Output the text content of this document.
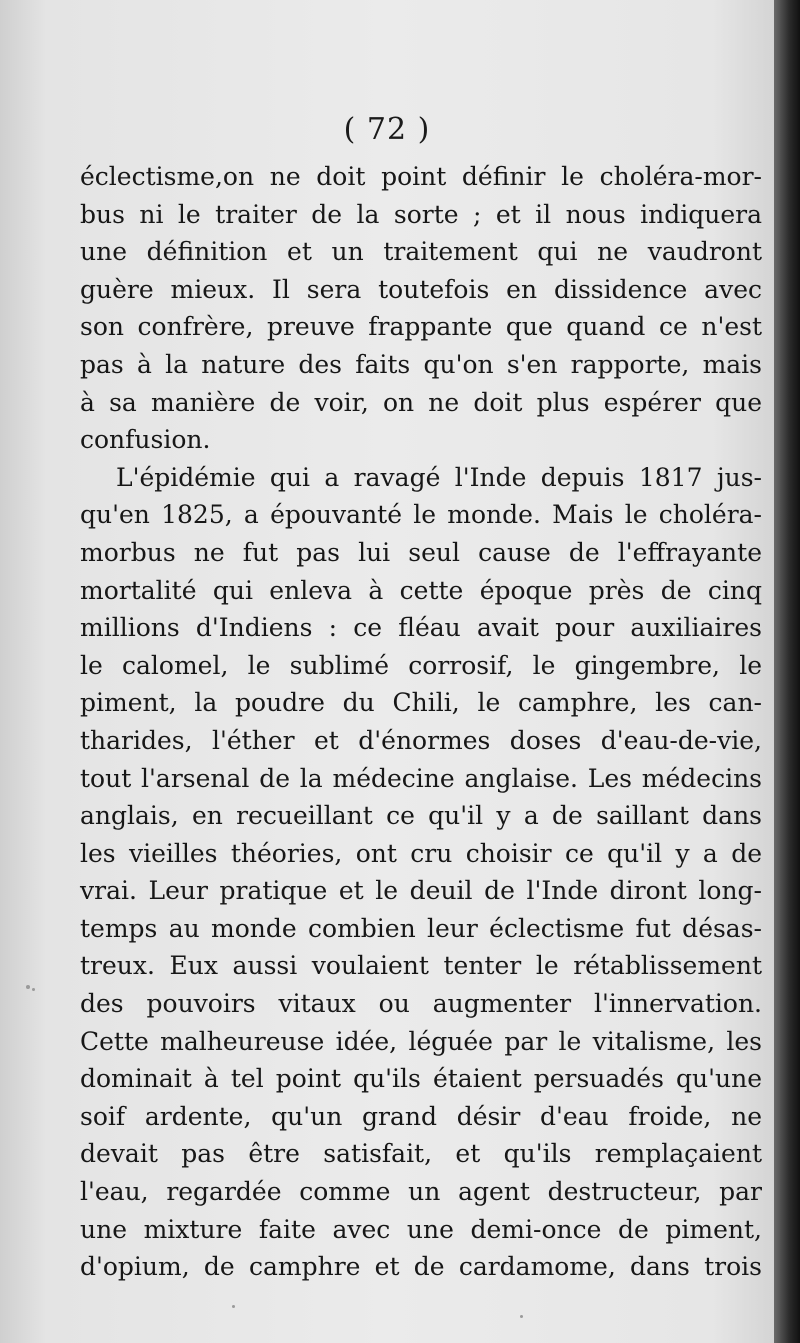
( 72 )
éclectisme,on ne doit point définir le choléra-mor-
bus ni le traiter de la sorte ; et il nous indiquera
une définition et un traitement qui ne vaudront
guère mieux. Il sera toutefois en dissidence avec
son confrère, preuve frappante que quand ce n'est
pas à la nature des faits qu'on s'en rapporte, mais
à sa manière de voir, on ne doit plus espérer que
confusion.
L'épidémie qui a ravagé l'Inde depuis 1817 jus-
qu'en 1825, a épouvanté le monde. Mais le choléra-
morbus ne fut pas lui seul cause de l'effrayante
mortalité qui enleva à cette époque près de cinq
millions d'Indiens : ce fléau avait pour auxiliaires
le calomel, le sublimé corrosif, le gingembre, le
piment, la poudre du Chili, le camphre, les can-
tharides, l'éther et d'énormes doses d'eau-de-vie,
tout l'arsenal de la médecine anglaise. Les médecins
anglais, en recueillant ce qu'il y a de saillant dans
les vieilles théories, ont cru choisir ce qu'il y a de
vrai. Leur pratique et le deuil de l'Inde diront long-
temps au monde combien leur éclectisme fut désas-
treux. Eux aussi voulaient tenter le rétablissement
des pouvoirs vitaux ou augmenter l'innervation.
Cette malheureuse idée, léguée par le vitalisme, les
dominait à tel point qu'ils étaient persuadés qu'une
soif ardente, qu'un grand désir d'eau froide, ne
devait pas être satisfait, et qu'ils remplaçaient
l'eau, regardée comme un agent destructeur, par
une mixture faite avec une demi-once de piment,
d'opium, de camphre et de cardamome, dans trois
